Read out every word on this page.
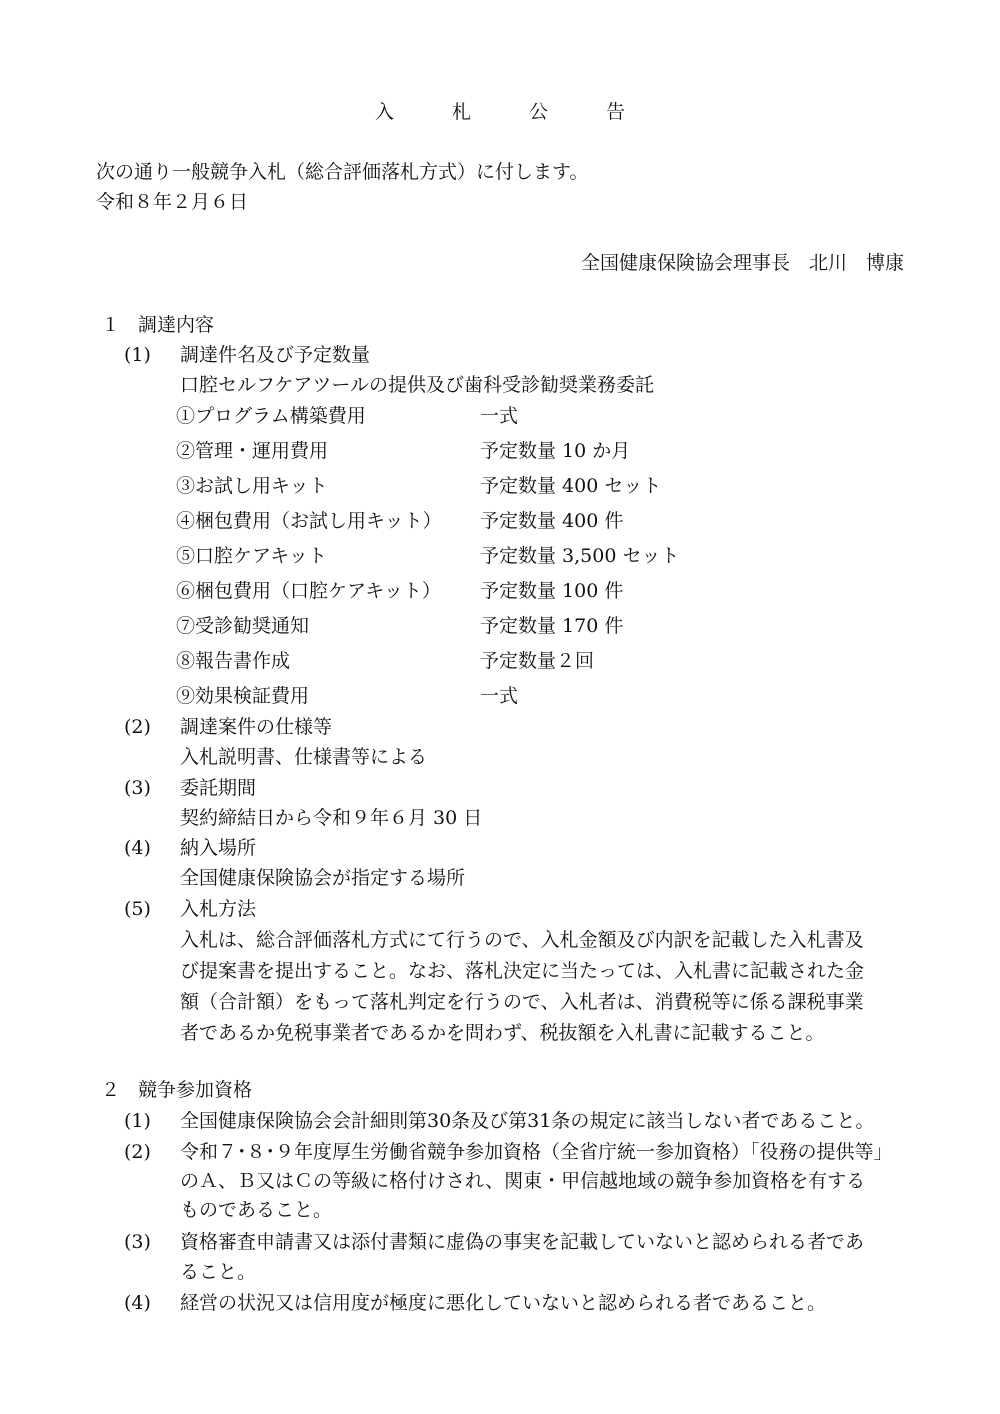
入 札 公 告
次の通り一般競争入札（総合評価落札方式）に付します。
令和８年２月６日
全国健康保険協会理事長　北川　博康
１ 調達内容
(1) 調達件名及び予定数量
口腔セルフケアツールの提供及び歯科受診勧奨業務委託
①プログラム構築費用	一式
②管理・運用費用	予定数量 10 か月
③お試し用キット	予定数量 400 セット
④梱包費用（お試し用キット） 予定数量 400 件
⑤口腔ケアキット	予定数量 3,500 セット
⑥梱包費用（口腔ケアキット） 予定数量 100 件
⑦受診勧奨通知	予定数量 170 件
⑧報告書作成	予定数量２回
⑨効果検証費用	一式
(2) 調達案件の仕様等
入札説明書、仕様書等による
(3) 委託期間
契約締結日から令和９年６月 30 日
(4) 納入場所
全国健康保険協会が指定する場所
(5) 入札方法
入札は、総合評価落札方式にて行うので、入札金額及び内訳を記載した入札書及
び提案書を提出すること。なお、落札決定に当たっては、入札書に記載された金
額（合計額）をもって落札判定を行うので、入札者は、消費税等に係る課税事業
者であるか免税事業者であるかを問わず、税抜額を入札書に記載すること。
２ 競争参加資格
(1) 全国健康保険協会会計細則第30条及び第31条の規定に該当しない者であること。
(2) 令和７･８･９年度厚生労働省競争参加資格（全省庁統一参加資格）「役務の提供等」
のＡ、Ｂ又はＣの等級に格付けされ、関東・甲信越地域の競争参加資格を有する
ものであること。
(3) 資格審査申請書又は添付書類に虚偽の事実を記載していないと認められる者であ
ること。
(4) 経営の状況又は信用度が極度に悪化していないと認められる者であること。
